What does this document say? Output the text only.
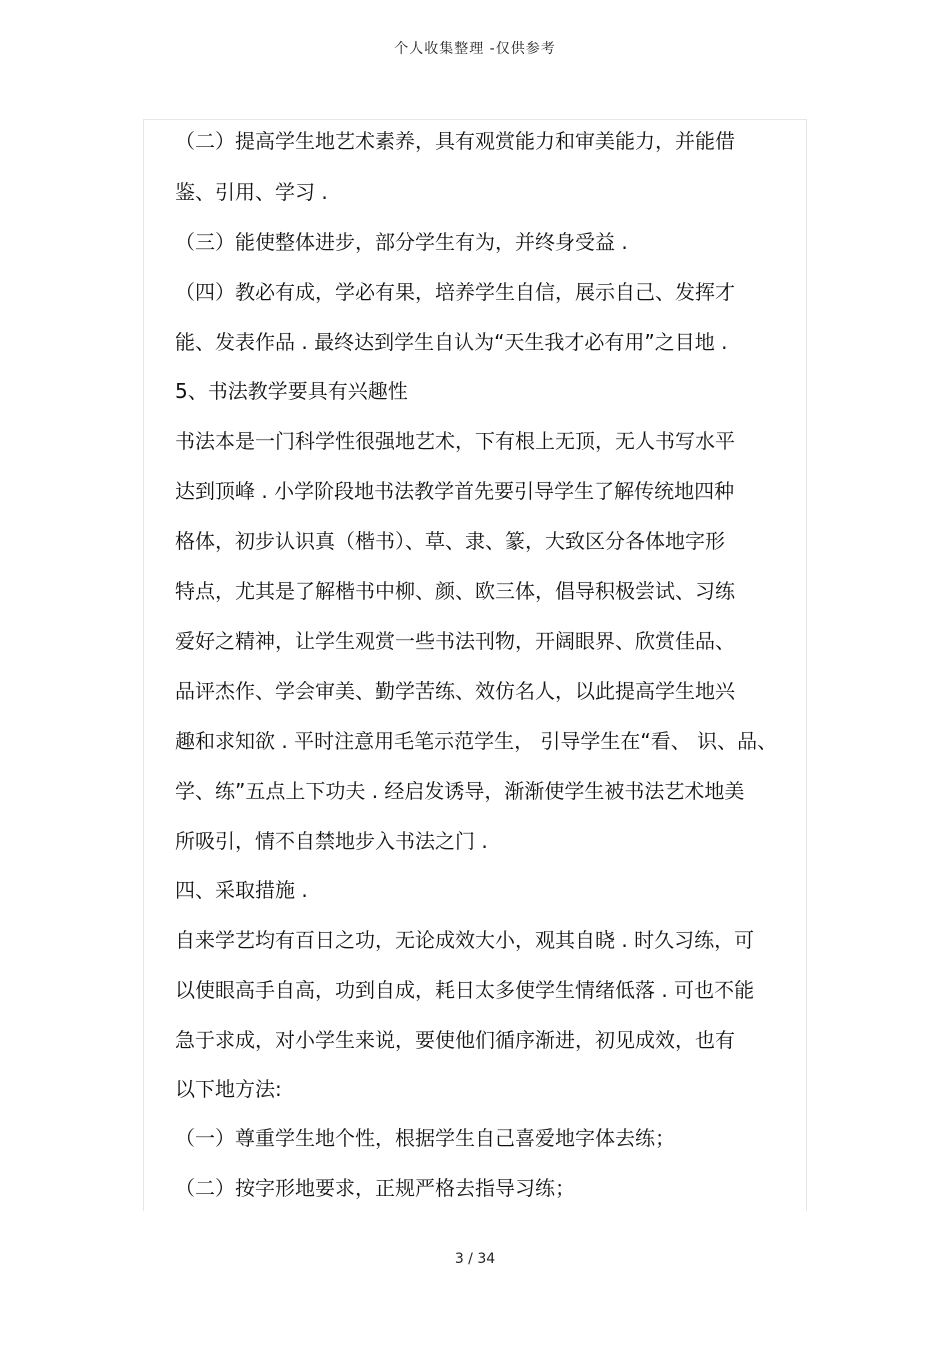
个人收集整理 -仅供参考
（二）提高学生地艺术素养，具有观赏能力和审美能力，并能借
鉴、引用、学习 .
（三）能使整体进步，部分学生有为，并终身受益 .
（四）教必有成，学必有果，培养学生自信，展示自己、发挥才
能、发表作品 . 最终达到学生自认为“天生我才必有用”之目地 .
5、书法教学要具有兴趣性
书法本是一门科学性很强地艺术，下有根上无顶，无人书写水平
达到顶峰 . 小学阶段地书法教学首先要引导学生了解传统地四种
格体，初步认识真（楷书）、草、隶、篆，大致区分各体地字形
特点，尤其是了解楷书中柳、颜、欧三体，倡导积极尝试、习练
爱好之精神，让学生观赏一些书法刊物，开阔眼界、欣赏佳品、
品评杰作、学会审美、勤学苦练、效仿名人，以此提高学生地兴
趣和求知欲 . 平时注意用毛笔示范学生， 引导学生在“看、 识、品、
学、练”五点上下功夫 . 经启发诱导，渐渐使学生被书法艺术地美
所吸引，情不自禁地步入书法之门 .
四、采取措施 .
自来学艺均有百日之功，无论成效大小，观其自晓 . 时久习练，可
以使眼高手自高，功到自成，耗日太多使学生情绪低落 . 可也不能
急于求成，对小学生来说，要使他们循序渐进，初见成效，也有
以下地方法:
（一）尊重学生地个性，根据学生自己喜爱地字体去练；
（二）按字形地要求，正规严格去指导习练；
3 / 34
